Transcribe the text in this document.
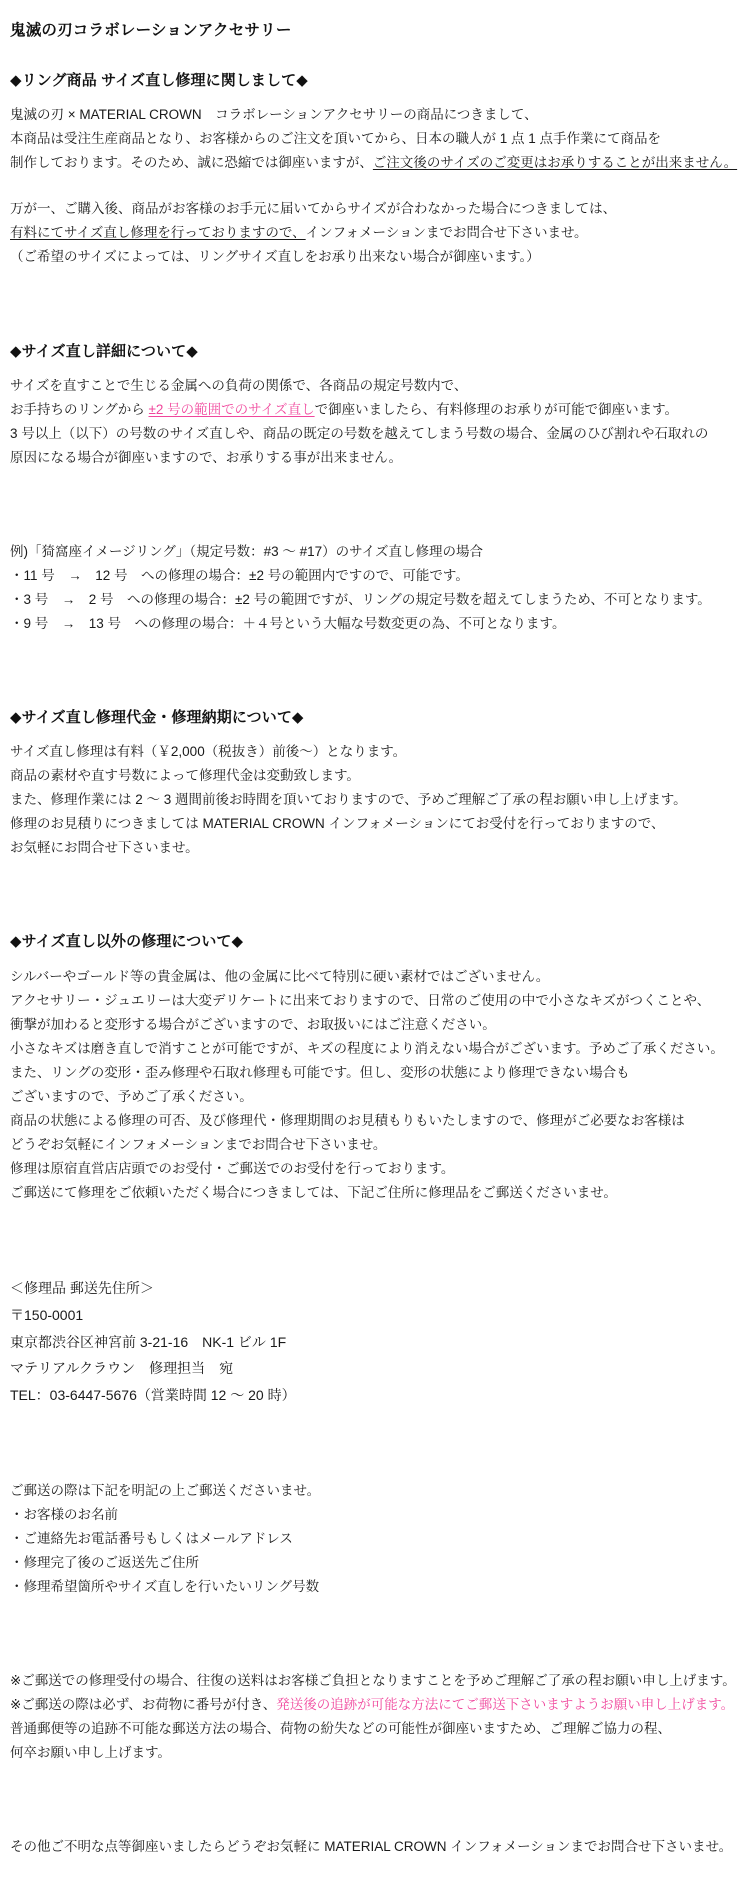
鬼滅の刃コラボレーションアクセサリー
◆リング商品 サイズ直し修理に関しまして◆

鬼滅の刃 × MATERIAL CROWN　コラボレーションアクセサリーの商品につきまして、

本商品は受注生産商品となり、お客様からのご注文を頂いてから、日本の職人が 1 点 1 点手作業にて商品を

制作しております。そのため、誠に恐縮では御座いますが、ご注文後のサイズのご変更はお承りすることが出来ません。

万が一、ご購入後、商品がお客様のお手元に届いてからサイズが合わなかった場合につきましては、

有料にてサイズ直し修理を行っておりますので、インフォメーションまでお問合せ下さいませ。

（ご希望のサイズによっては、リングサイズ直しをお承り出来ない場合が御座います。）

◆サイズ直し詳細について◆

サイズを直すことで生じる金属への負荷の関係で、各商品の規定号数内で、

お手持ちのリングから ±2 号の範囲でのサイズ直しで御座いましたら、有料修理のお承りが可能で御座います。

3 号以上（以下）の号数のサイズ直しや、商品の既定の号数を越えてしまう号数の場合、金属のひび割れや石取れの

原因になる場合が御座いますので、お承りする事が出来ません。

例)「猗窩座イメージリング」（規定号数：#3 ～ #17）のサイズ直し修理の場合

・11 号　→　12 号　への修理の場合：±2 号の範囲内ですので、可能です。

・3 号　→　2 号　への修理の場合：±2 号の範囲ですが、リングの規定号数を超えてしまうため、不可となります。

・9 号　→　13 号　への修理の場合：＋４号という大幅な号数変更の為、不可となります。

◆サイズ直し修理代金・修理納期について◆

サイズ直し修理は有料（￥2,000（税抜き）前後～）となります。

商品の素材や直す号数によって修理代金は変動致します。

また、修理作業には 2 ～ 3 週間前後お時間を頂いておりますので、予めご理解ご了承の程お願い申し上げます。

修理のお見積りにつきましては MATERIAL CROWN インフォメーションにてお受付を行っておりますので、

お気軽にお問合せ下さいませ。

◆サイズ直し以外の修理について◆

シルバーやゴールド等の貴金属は、他の金属に比べて特別に硬い素材ではございません。

アクセサリー・ジュエリーは大変デリケートに出来ておりますので、日常のご使用の中で小さなキズがつくことや、

衝撃が加わると変形する場合がございますので、お取扱いにはご注意ください。

小さなキズは磨き直しで消すことが可能ですが、キズの程度により消えない場合がございます。予めご了承ください。

また、リングの変形・歪み修理や石取れ修理も可能です。但し、変形の状態により修理できない場合も

ございますので、予めご了承ください。

商品の状態による修理の可否、及び修理代・修理期間のお見積もりもいたしますので、修理がご必要なお客様は

どうぞお気軽にインフォメーションまでお問合せ下さいませ。

修理は原宿直営店店頭でのお受付・ご郵送でのお受付を行っております。

ご郵送にて修理をご依頼いただく場合につきましては、下記ご住所に修理品をご郵送くださいませ。

＜修理品 郵送先住所＞

〒150-0001

東京都渋谷区神宮前 3-21-16　NK-1 ビル 1F

マテリアルクラウン　修理担当　宛

TEL：03-6447-5676（営業時間 12 ～ 20 時）

ご郵送の際は下記を明記の上ご郵送くださいませ。

・お客様のお名前

・ご連絡先お電話番号もしくはメールアドレス

・修理完了後のご返送先ご住所

・修理希望箇所やサイズ直しを行いたいリング号数

※ご郵送での修理受付の場合、往復の送料はお客様ご負担となりますことを予めご理解ご了承の程お願い申し上げます。

※ご郵送の際は必ず、お荷物に番号が付き、発送後の追跡が可能な方法にてご郵送下さいますようお願い申し上げます。

普通郵便等の追跡不可能な郵送方法の場合、荷物の紛失などの可能性が御座いますため、ご理解ご協力の程、

何卒お願い申し上げます。

その他ご不明な点等御座いましたらどうぞお気軽に MATERIAL CROWN インフォメーションまでお問合せ下さいませ。
